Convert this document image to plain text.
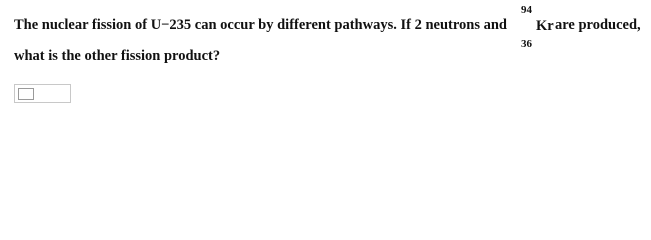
The nuclear fission of U−235 can occur by different pathways. If 2 neutrons and
94
Kr
36
are produced,
what is the other fission product?
